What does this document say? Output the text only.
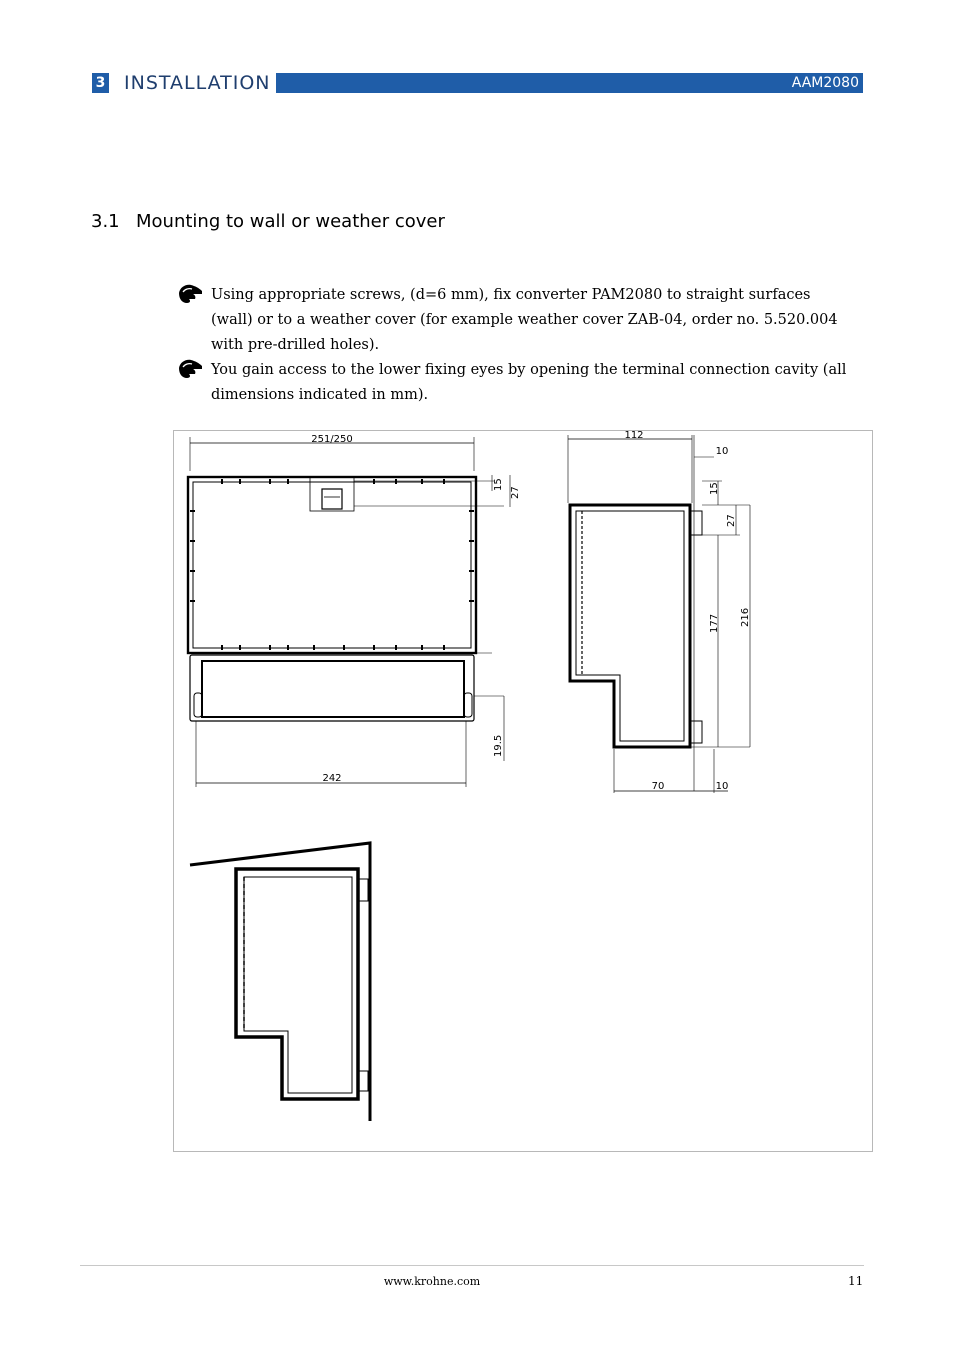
3 INSTALLATION	AAM2080
3.1 Mounting to wall or weather cover
Using appropriate screws, (d=6 mm), fix converter PAM2080 to straight surfaces (wall) or to a weather cover (for example weather cover ZAB-04, order no. 5.520.004 with pre-drilled holes).
You gain access to the lower fixing eyes by opening the terminal connection cavity (all dimensions indicated in mm).
251/250
242
15
27
19.5
112
10
15
27
177 216
70	10
www.krohne.com	11
